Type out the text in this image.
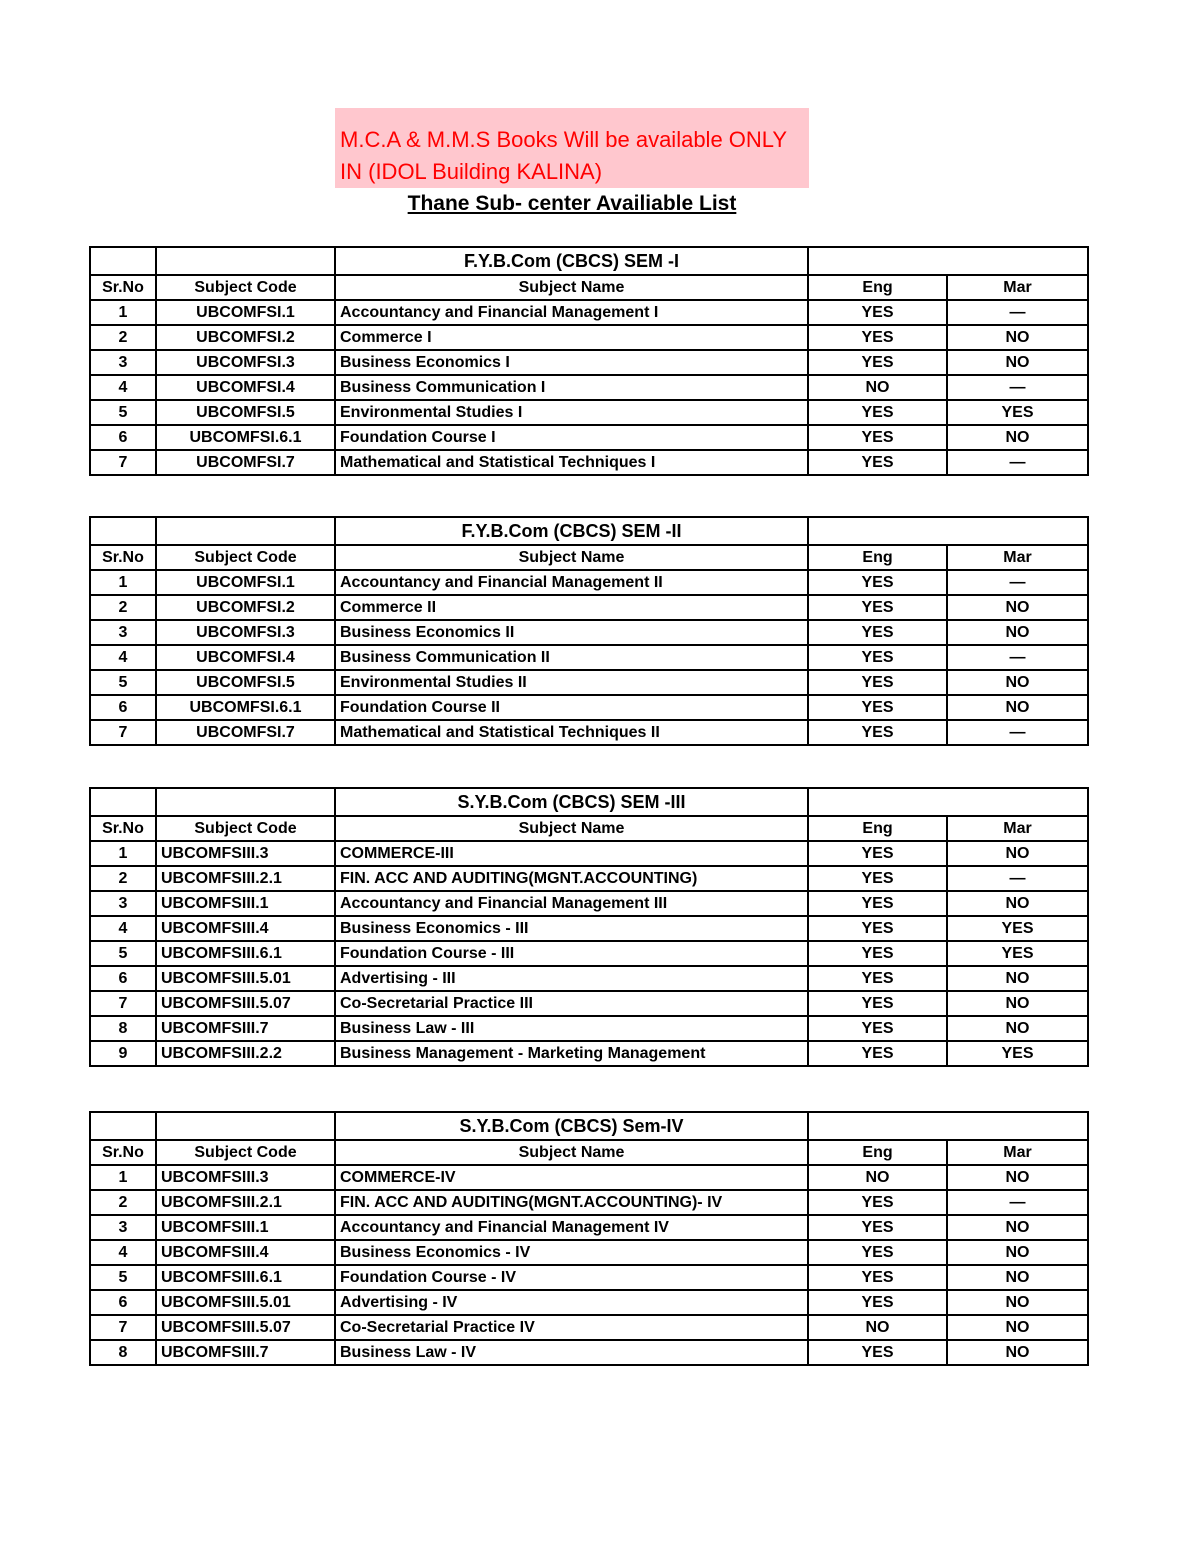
M.C.A & M.M.S Books Will be available ONLY
IN (IDOL Building KALINA)
Thane Sub- center Availiable List
		F.Y.B.Com (CBCS) SEM -I		
Sr.No	Subject Code	Subject Name	Eng	Mar
1	UBCOMFSI.1	Accountancy and Financial Management I	YES	—
2	UBCOMFSI.2	Commerce I	YES	NO
3	UBCOMFSI.3	Business Economics I	YES	NO
4	UBCOMFSI.4	Business Communication I	NO	—
5	UBCOMFSI.5	Environmental Studies I	YES	YES
6	UBCOMFSI.6.1	Foundation Course I	YES	NO
7	UBCOMFSI.7	Mathematical and Statistical Techniques I	YES	—
		F.Y.B.Com (CBCS) SEM -II		
Sr.No	Subject Code	Subject Name	Eng	Mar
1	UBCOMFSI.1	Accountancy and Financial Management II	YES	—
2	UBCOMFSI.2	Commerce II	YES	NO
3	UBCOMFSI.3	Business Economics II	YES	NO
4	UBCOMFSI.4	Business Communication II	YES	—
5	UBCOMFSI.5	Environmental Studies II	YES	NO
6	UBCOMFSI.6.1	Foundation Course II	YES	NO
7	UBCOMFSI.7	Mathematical and Statistical Techniques II	YES	—
		S.Y.B.Com (CBCS) SEM -III		
Sr.No	Subject Code	Subject Name	Eng	Mar
1	UBCOMFSIII.3	COMMERCE-III	YES	NO
2	UBCOMFSIII.2.1	FIN. ACC AND AUDITING(MGNT.ACCOUNTING)	YES	—
3	UBCOMFSIII.1	Accountancy and Financial Management III	YES	NO
4	UBCOMFSIII.4	Business Economics - III	YES	YES
5	UBCOMFSIII.6.1	Foundation Course - III	YES	YES
6	UBCOMFSIII.5.01	Advertising - III	YES	NO
7	UBCOMFSIII.5.07	Co-Secretarial Practice III	YES	NO
8	UBCOMFSIII.7	Business Law - III	YES	NO
9	UBCOMFSIII.2.2	Business Management - Marketing Management	YES	YES
		S.Y.B.Com (CBCS) Sem-IV		
Sr.No	Subject Code	Subject Name	Eng	Mar
1	UBCOMFSIII.3	COMMERCE-IV	NO	NO
2	UBCOMFSIII.2.1	FIN. ACC AND AUDITING(MGNT.ACCOUNTING)- IV	YES	—
3	UBCOMFSIII.1	Accountancy and Financial Management IV	YES	NO
4	UBCOMFSIII.4	Business Economics - IV	YES	NO
5	UBCOMFSIII.6.1	Foundation Course - IV	YES	NO
6	UBCOMFSIII.5.01	Advertising - IV	YES	NO
7	UBCOMFSIII.5.07	Co-Secretarial Practice IV	NO	NO
8	UBCOMFSIII.7	Business Law - IV	YES	NO
